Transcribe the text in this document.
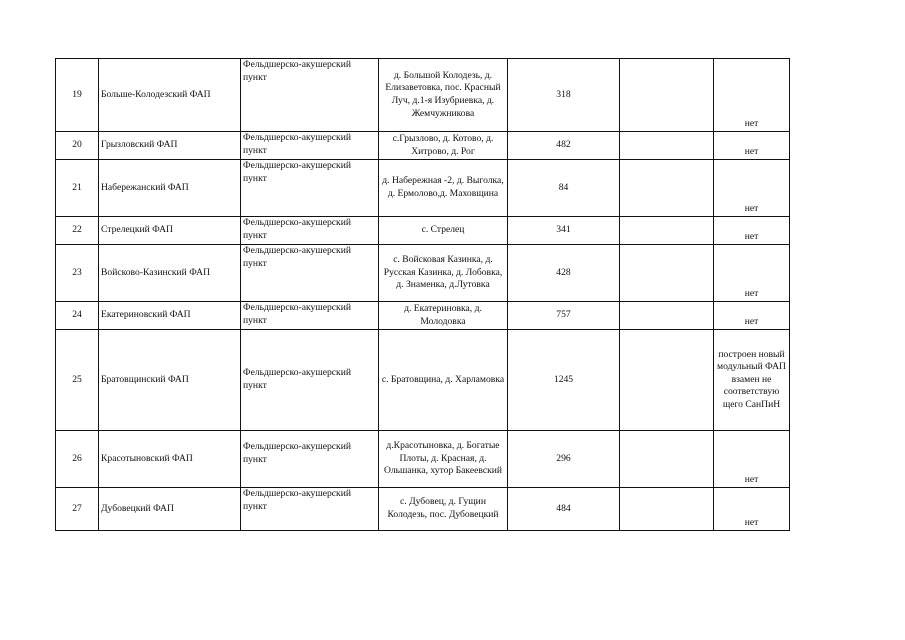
19	Больше-Колодезский ФАП	Фельдшерско-акушерский пункт	д. Большой Колодезь, д. Елизаветовка, пос. Красный Луч, д.1-я Изубриевка, д. Жемчужникова	318		нет
20	Грызловский ФАП	Фельдшерско-акушерский пункт	с.Грызлово, д. Котово, д. Хитрово, д. Рог	482		нет
21	Набережанский ФАП	Фельдшерско-акушерский пункт	д. Набережная -2, д. Выголка, д. Ермолово,д. Маховщина	84		нет
22	Стрелецкий ФАП	Фельдшерско-акушерский пункт	с. Стрелец	341		нет
23	Войсково-Казинский ФАП	Фельдшерско-акушерский пункт	с. Войсковая Казинка, д. Русская Казинка, д. Лобовка, д. Знаменка, д.Лутовка	428		нет
24	Екатериновский ФАП	Фельдшерско-акушерский пункт	д. Екатериновка, д. Молодовка	757		нет
25	Братовщинский ФАП	Фельдшерско-акушерский пункт	с. Братовщина, д. Харламовка	1245		построен новый модульный ФАП взамен не соответствую щего СанПиН
26	Красотыновский ФАП	Фельдшерско-акушерский пункт	д.Красотыновка, д. Богатые Плоты, д. Красная, д. Ольшанка, хутор Бакеевский	296		нет
27	Дубовецкий ФАП	Фельдшерско-акушерский пункт	с. Дубовец, д. Гущин Колодезь, пос. Дубовецкий	484		нет
